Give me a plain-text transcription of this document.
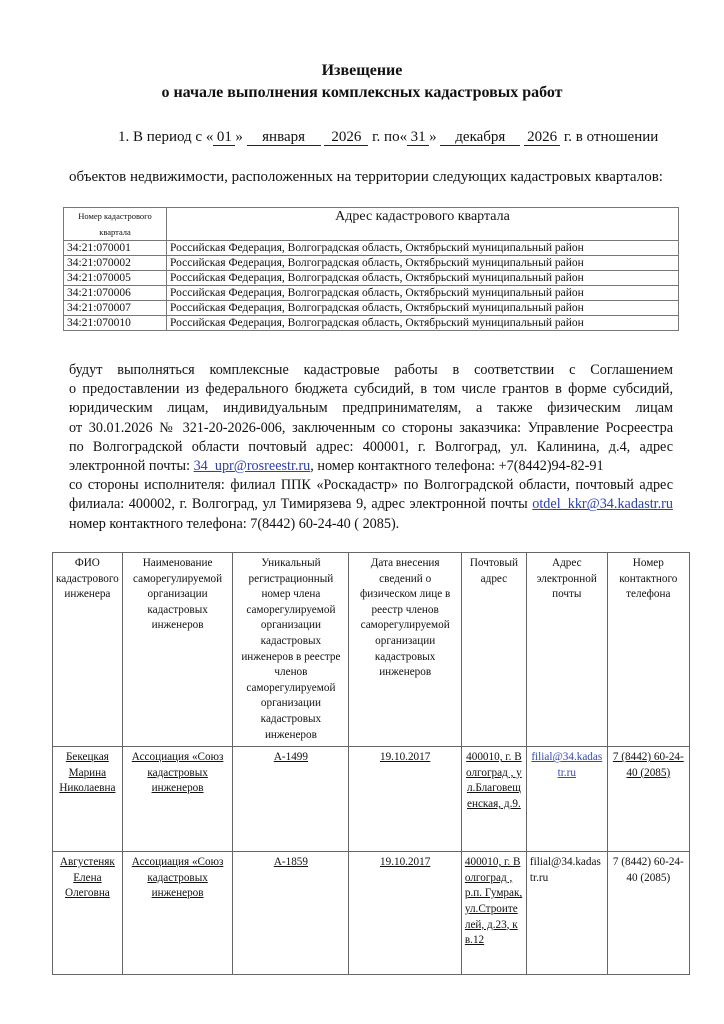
Извещение
о начале выполнения комплексных кадастровых работ
1. В период с « 01 » января 2026 г. по« 31 » декабря 2026 г. в отношении
объектов недвижимости, расположенных на территории следующих кадастровых кварталов:
Номер кадастрового квартала	Адрес кадастрового квартала
34:21:070001	Российская Федерация, Волгоградская область, Октябрьский муниципальный район
34:21:070002	Российская Федерация, Волгоградская область, Октябрьский муниципальный район
34:21:070005	Российская Федерация, Волгоградская область, Октябрьский муниципальный район
34:21:070006	Российская Федерация, Волгоградская область, Октябрьский муниципальный район
34:21:070007	Российская Федерация, Волгоградская область, Октябрьский муниципальный район
34:21:070010	Российская Федерация, Волгоградская область, Октябрьский муниципальный район

будут выполняться комплексные кадастровые работы в соответствии с Соглашением

о предоставлении из федерального бюджета субсидий, в том числе грантов в форме субсидий,

юридическим лицам, индивидуальным предпринимателям, а также физическим лицам

от 30.01.2026 № 321-20-2026-006, заключенным со стороны заказчика: Управление Росреестра

по Волгоградской области почтовый адрес: 400001, г. Волгоград, ул. Калинина, д.4, адрес

электронной почты: 34_upr@rosreestr.ru, номер контактного телефона: +7(8442)94-82-91

со стороны исполнителя: филиал ППК «Роскадастр» по Волгоградской области, почтовый адрес

филиала: 400002, г. Волгоград, ул Тимирязева 9, адрес электронной почты otdel_kkr@34.kadastr.ru

номер контактного телефона: 7(8442) 60-24-40 ( 2085).

ФИО кадастрового инженера	Наименование саморегулируемой организации кадастровых инженеров	Уникальный регистрационный номер члена саморегулируемой организации кадастровых инженеров в реестре членов саморегулируемой организации кадастровых инженеров	Дата внесения сведений о физическом лице в реестр членов саморегулируемой организации кадастровых инженеров	Почтовый адрес	Адрес электронной почты	Номер контактного телефона
Бекецкая Марина Николаевна	Ассоциация «Союз кадастровых инженеров	А-1499	19.10.2017	400010, г. Волгоград , ул.Благовещенская, д.9.	filial@34.kadastr.ru	7 (8442) 60-24-40 (2085)
Августеняк Елена Олеговна	Ассоциация «Союз кадастровых инженеров	А-1859	19.10.2017	400010, г. Волгоград , р.п. Гумрак, ул.Строителей, д.23, кв.12	filial@34.kadastr.ru	7 (8442) 60-24-40 (2085)
